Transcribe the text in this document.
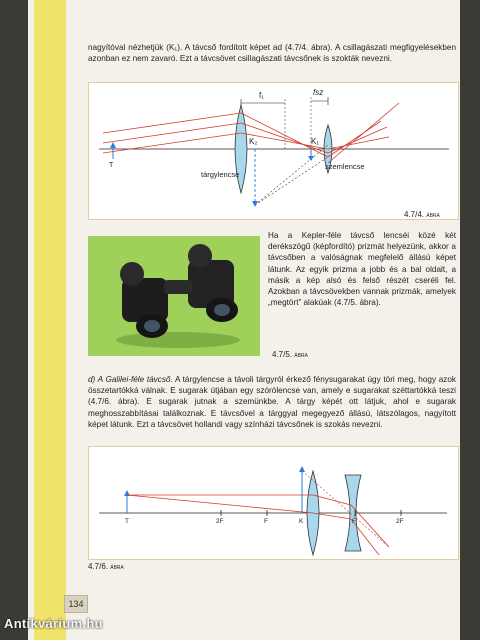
nagyítóval nézhetjük (K₁). A távcső fordított képet ad (4.7/4. ábra). A csillagászati megfigyelésekben azonban ez nem zavaró. Ezt a távcsövet csillagászati távcsőnek is szokták nevezni.

f₁	fsz
K₁
K₂
T
tárgylencse
szemlencse
4.7/4. ábra

Ha a Kepler-féle távcső lencséi közé két derékszögű (képfordító) prizmát helyezünk, akkor a távcsőben a valóságnak megfelelő állású képet látunk. Az egyik prizma a jobb és a bal oldalt, a másik a kép alsó és felső részét cseréli fel. Azokban a távcsövekben vannak prizmák, amelyek „megtört” alakúak (4.7/5. ábra).

4.7/5. ábra

d) A Galilei-féle távcső. A tárgylencse a távoli tárgyról érkező fénysugarakat úgy töri meg, hogy azok összetartókká válnak. E sugarak útjában egy szórólencse van, amely e sugarakat széttartókká teszi (4.7/6. ábra). E sugarak jutnak a szemünkbe. A tárgy képét ott látjuk, ahol e sugarak meghosszabbításai találkoznak. E távcsővel a tárggyal megegyező állású, látszólagos, nagyított képet látunk. Ezt a távcsövet hollandi vagy színházi távcsőnek is szokás nevezni.

T	2F	F	K	F	2F
4.7/6. ábra
134
Antikvárium.hu
